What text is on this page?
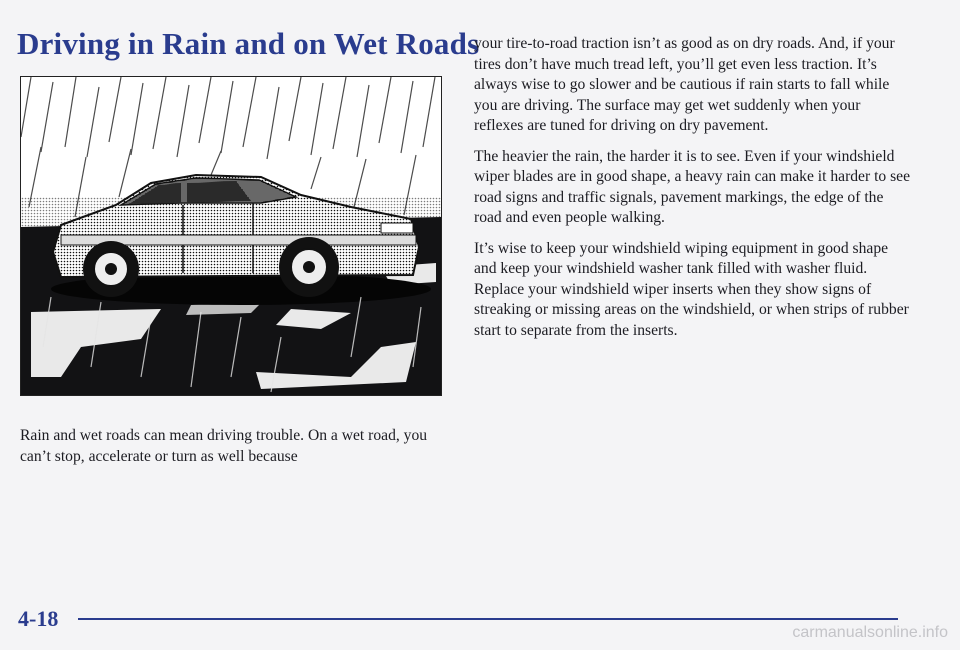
Driving in Rain and on Wet Roads

Rain and wet roads can mean driving trouble. On a wet road, you can’t stop, accelerate or turn as well because

your tire-to-road traction isn’t as good as on dry roads. And, if your tires don’t have much tread left, you’ll get even less traction. It’s always wise to go slower and be cautious if rain starts to fall while you are driving. The surface may get wet suddenly when your reflexes are tuned for driving on dry pavement.

The heavier the rain, the harder it is to see. Even if your windshield wiper blades are in good shape, a heavy rain can make it harder to see road signs and traffic signals, pavement markings, the edge of the road and even people walking.

It’s wise to keep your windshield wiping equipment in good shape and keep your windshield washer tank filled with washer fluid. Replace your windshield wiper inserts when they show signs of streaking or missing areas on the windshield, or when strips of rubber start to separate from the inserts.

4-18

carmanualsonline.info
